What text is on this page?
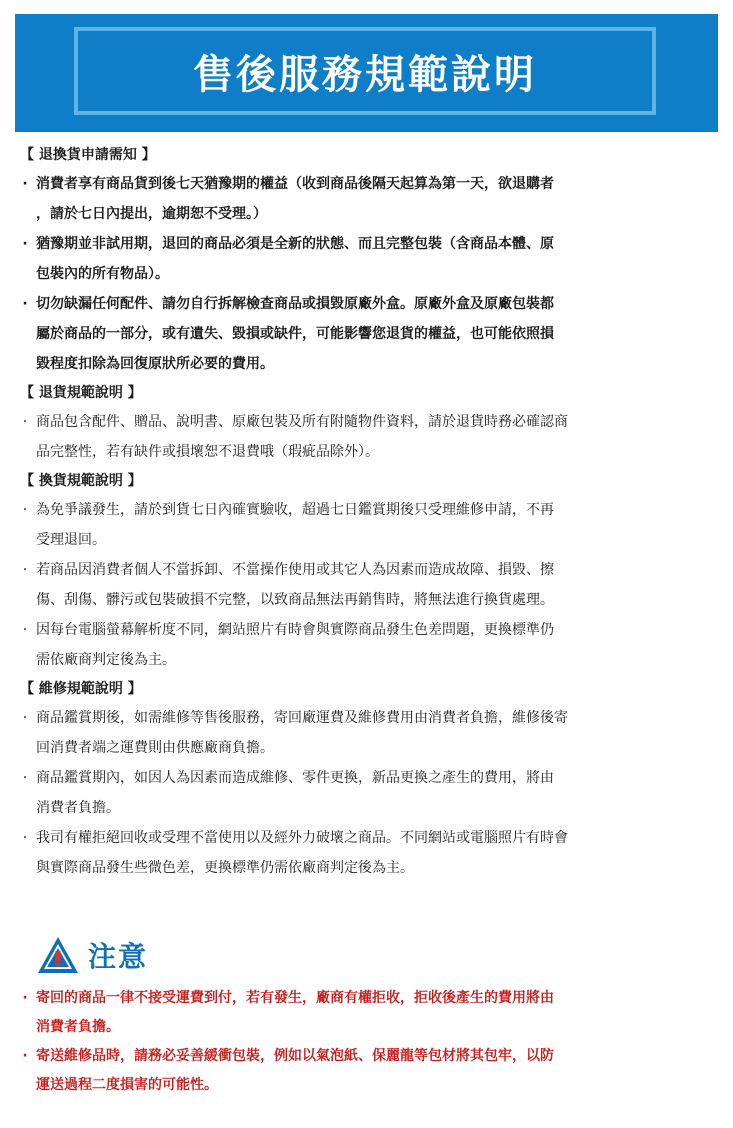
售後服務規範說明
【 退換貨申請需知 】
· 消費者享有商品貨到後七天猶豫期的權益（收到商品後隔天起算為第一天，欲退購者
，請於七日內提出，逾期恕不受理。）
· 猶豫期並非試用期，退回的商品必須是全新的狀態、而且完整包裝（含商品本體、原
包裝內的所有物品）。
· 切勿缺漏任何配件、請勿自行拆解檢查商品或損毀原廠外盒。原廠外盒及原廠包裝都
屬於商品的一部分，或有遺失、毀損或缺件，可能影響您退貨的權益，也可能依照損
毀程度扣除為回復原狀所必要的費用。
【 退貨規範說明 】
· 商品包含配件、贈品、說明書、原廠包裝及所有附隨物件資料，請於退貨時務必確認商
品完整性，若有缺件或損壞恕不退費哦（瑕疵品除外）。
【 換貨規範說明 】
· 為免爭議發生，請於到貨七日內確實驗收，超過七日鑑賞期後只受理維修申請，不再
受理退回。
· 若商品因消費者個人不當拆卸、不當操作使用或其它人為因素而造成故障、損毀、擦
傷、刮傷、髒污或包裝破損不完整，以致商品無法再銷售時，將無法進行換貨處理。
· 因每台電腦螢幕解析度不同，網站照片有時會與實際商品發生色差問題，更換標準仍
需依廠商判定後為主。
【 維修規範說明 】
· 商品鑑賞期後，如需維修等售後服務，寄回廠運費及維修費用由消費者負擔，維修後寄
回消費者端之運費則由供應廠商負擔。
· 商品鑑賞期內，如因人為因素而造成維修、零件更換，新品更換之產生的費用，將由
消費者負擔。
· 我司有權拒絕回收或受理不當使用以及經外力破壞之商品。不同網站或電腦照片有時會
與實際商品發生些微色差，更換標準仍需依廠商判定後為主。
注意
· 寄回的商品一律不接受運費到付，若有發生，廠商有權拒收，拒收後產生的費用將由
消費者負擔。
· 寄送維修品時，請務必妥善緩衝包裝，例如以氣泡紙、保麗龍等包材將其包牢，以防
運送過程二度損害的可能性。
